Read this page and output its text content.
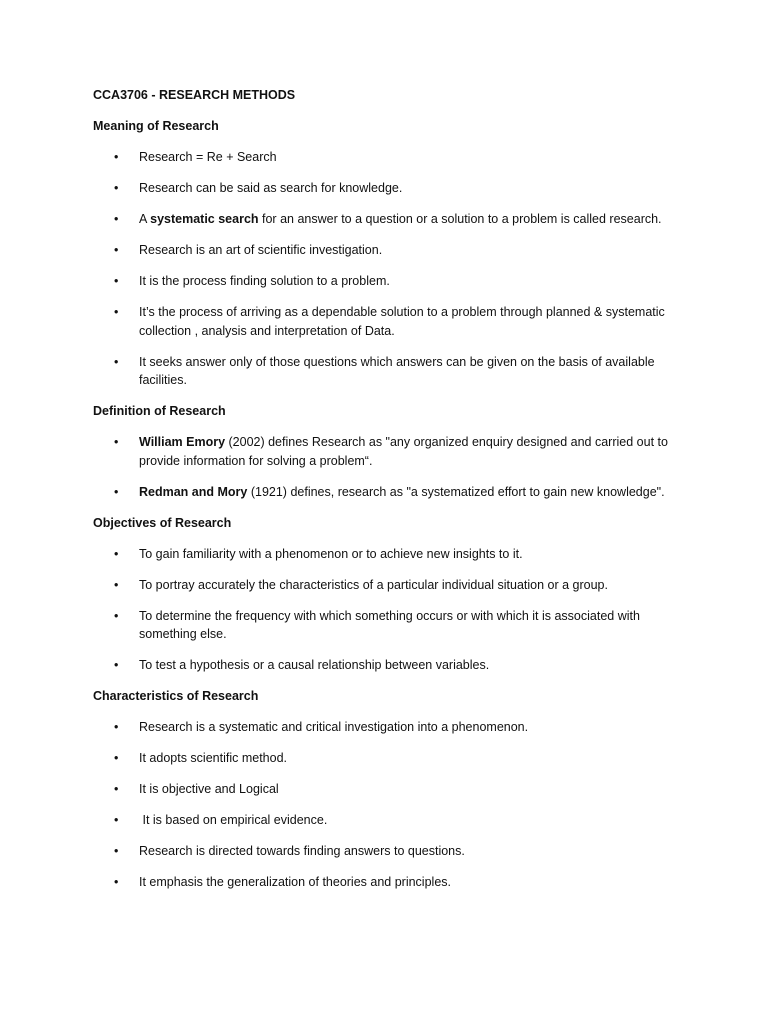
CCA3706 - RESEARCH METHODS
Meaning of Research
• Research = Re + Search
• Research can be said as search for knowledge.
• A systematic search for an answer to a question or a solution to a problem is called research.
• Research is an art of scientific investigation.
• It is the process finding solution to a problem.
• It’s the process of arriving as a dependable solution to a problem through planned & systematic collection , analysis and interpretation of Data.
• It seeks answer only of those questions which answers can be given on the basis of available facilities.
Definition of Research
• William Emory (2002) defines Research as "any organized enquiry designed and carried out to provide information for solving a problem“.
• Redman and Mory (1921) defines, research as "a systematized effort to gain new knowledge".
Objectives of Research
• To gain familiarity with a phenomenon or to achieve new insights to it.
• To portray accurately the characteristics of a particular individual situation or a group.
• To determine the frequency with which something occurs or with which it is associated with something else.
• To test a hypothesis or a causal relationship between variables.
Characteristics of Research
• Research is a systematic and critical investigation into a phenomenon.
• It adopts scientific method.
• It is objective and Logical
• It is based on empirical evidence.
• Research is directed towards finding answers to questions.
• It emphasis the generalization of theories and principles.
